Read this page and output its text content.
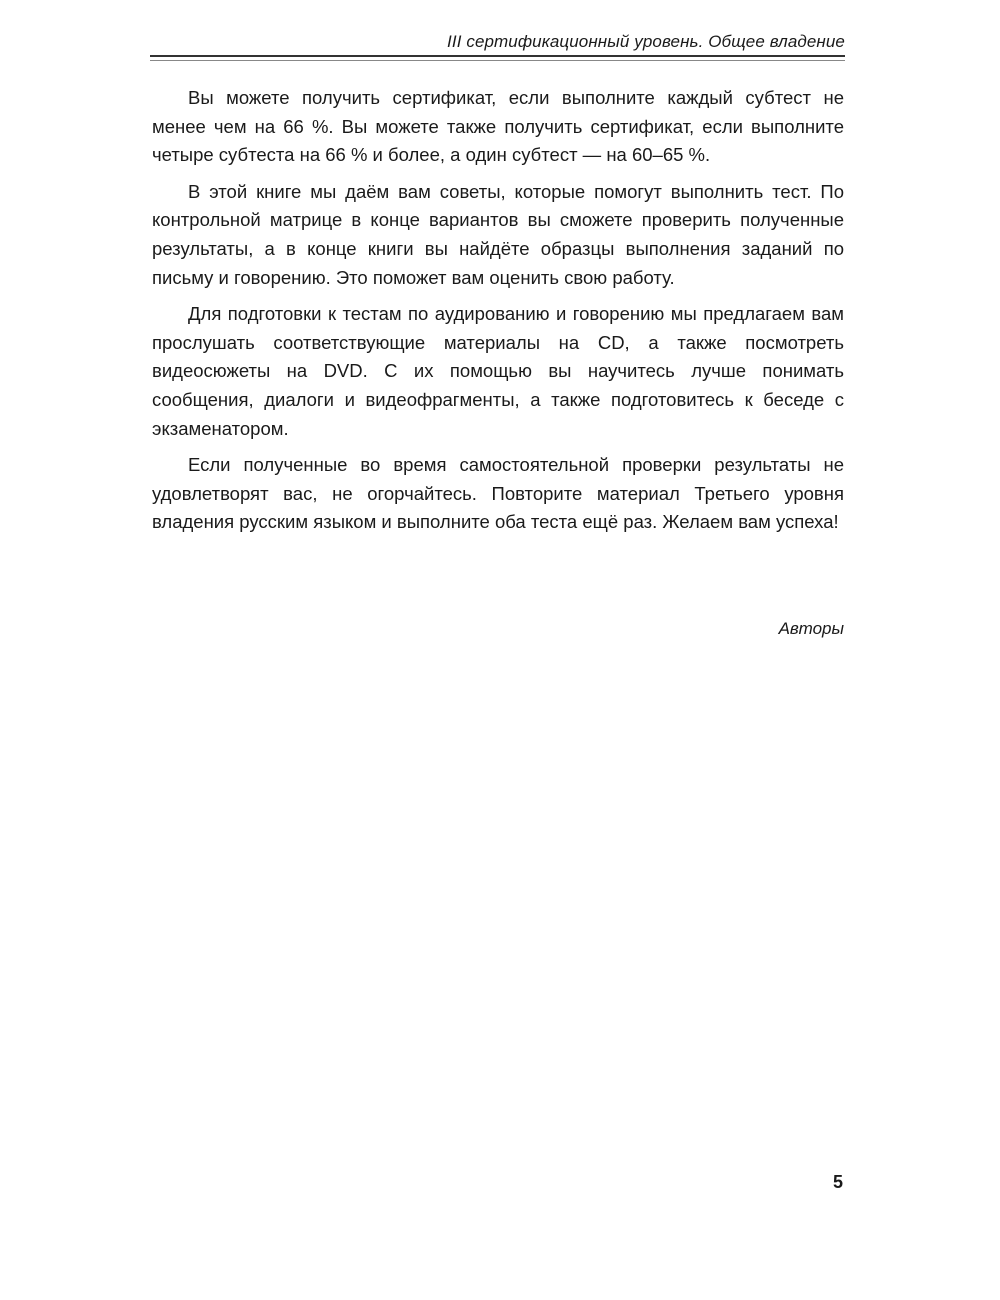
III сертификационный уровень. Общее владение

Вы можете получить сертификат, если выполните каждый субтест не менее чем на 66 %. Вы можете также получить сертификат, если выполните четыре субтеста на 66 % и более, а один субтест — на 60–65 %.

В этой книге мы даём вам советы, которые помогут выполнить тест. По контрольной матрице в конце вариантов вы сможете проверить полученные результаты, а в конце книги вы найдёте образцы выполнения заданий по письму и говорению. Это поможет вам оценить свою работу.

Для подготовки к тестам по аудированию и говорению мы предлагаем вам прослушать соответствующие материалы на CD, а также посмотреть видеосюжеты на DVD. С их помощью вы научитесь лучше понимать сообщения, диалоги и видеофрагменты, а также подготовитесь к беседе с экзаменатором.

Если полученные во время самостоятельной проверки результаты не удовлетворят вас, не огорчайтесь. Повторите материал Третьего уровня владения русским языком и выполните оба теста ещё раз. Желаем вам успеха!

Авторы
5
